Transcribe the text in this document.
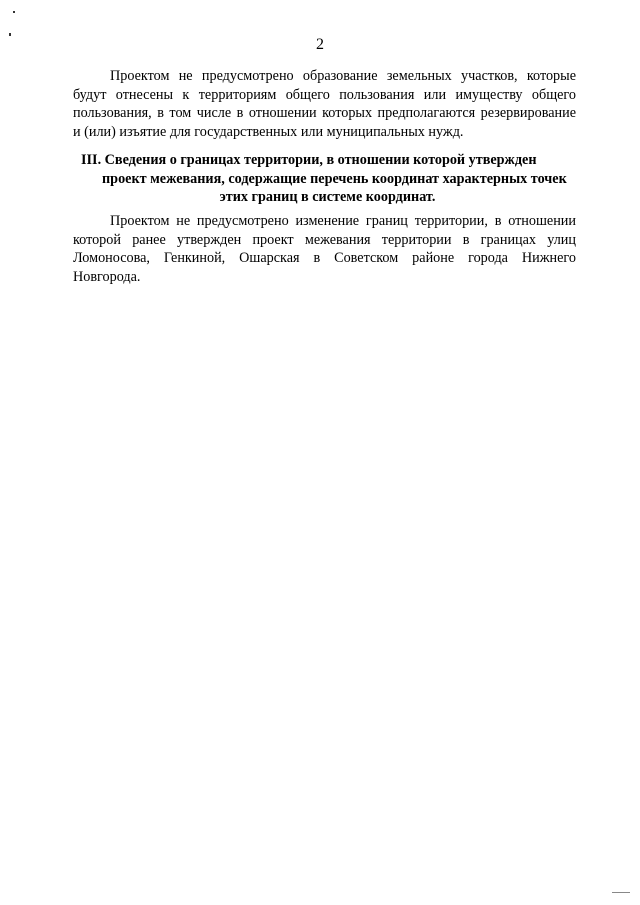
2
Проектом не предусмотрено образование земельных участков, которые
будут отнесены к территориям общего пользования или имуществу общего
пользования, в том числе в отношении которых предполагаются резервирование
и (или) изъятие для государственных или муниципальных нужд.
III. Сведения о границах территории, в отношении которой утвержден
проект межевания, содержащие перечень координат характерных точек
этих границ в системе координат.
Проектом не предусмотрено изменение границ территории, в отношении
которой ранее утвержден проект межевания территории в границах улиц
Ломоносова, Генкиной, Ошарская в Советском районе города Нижнего
Новгорода.
